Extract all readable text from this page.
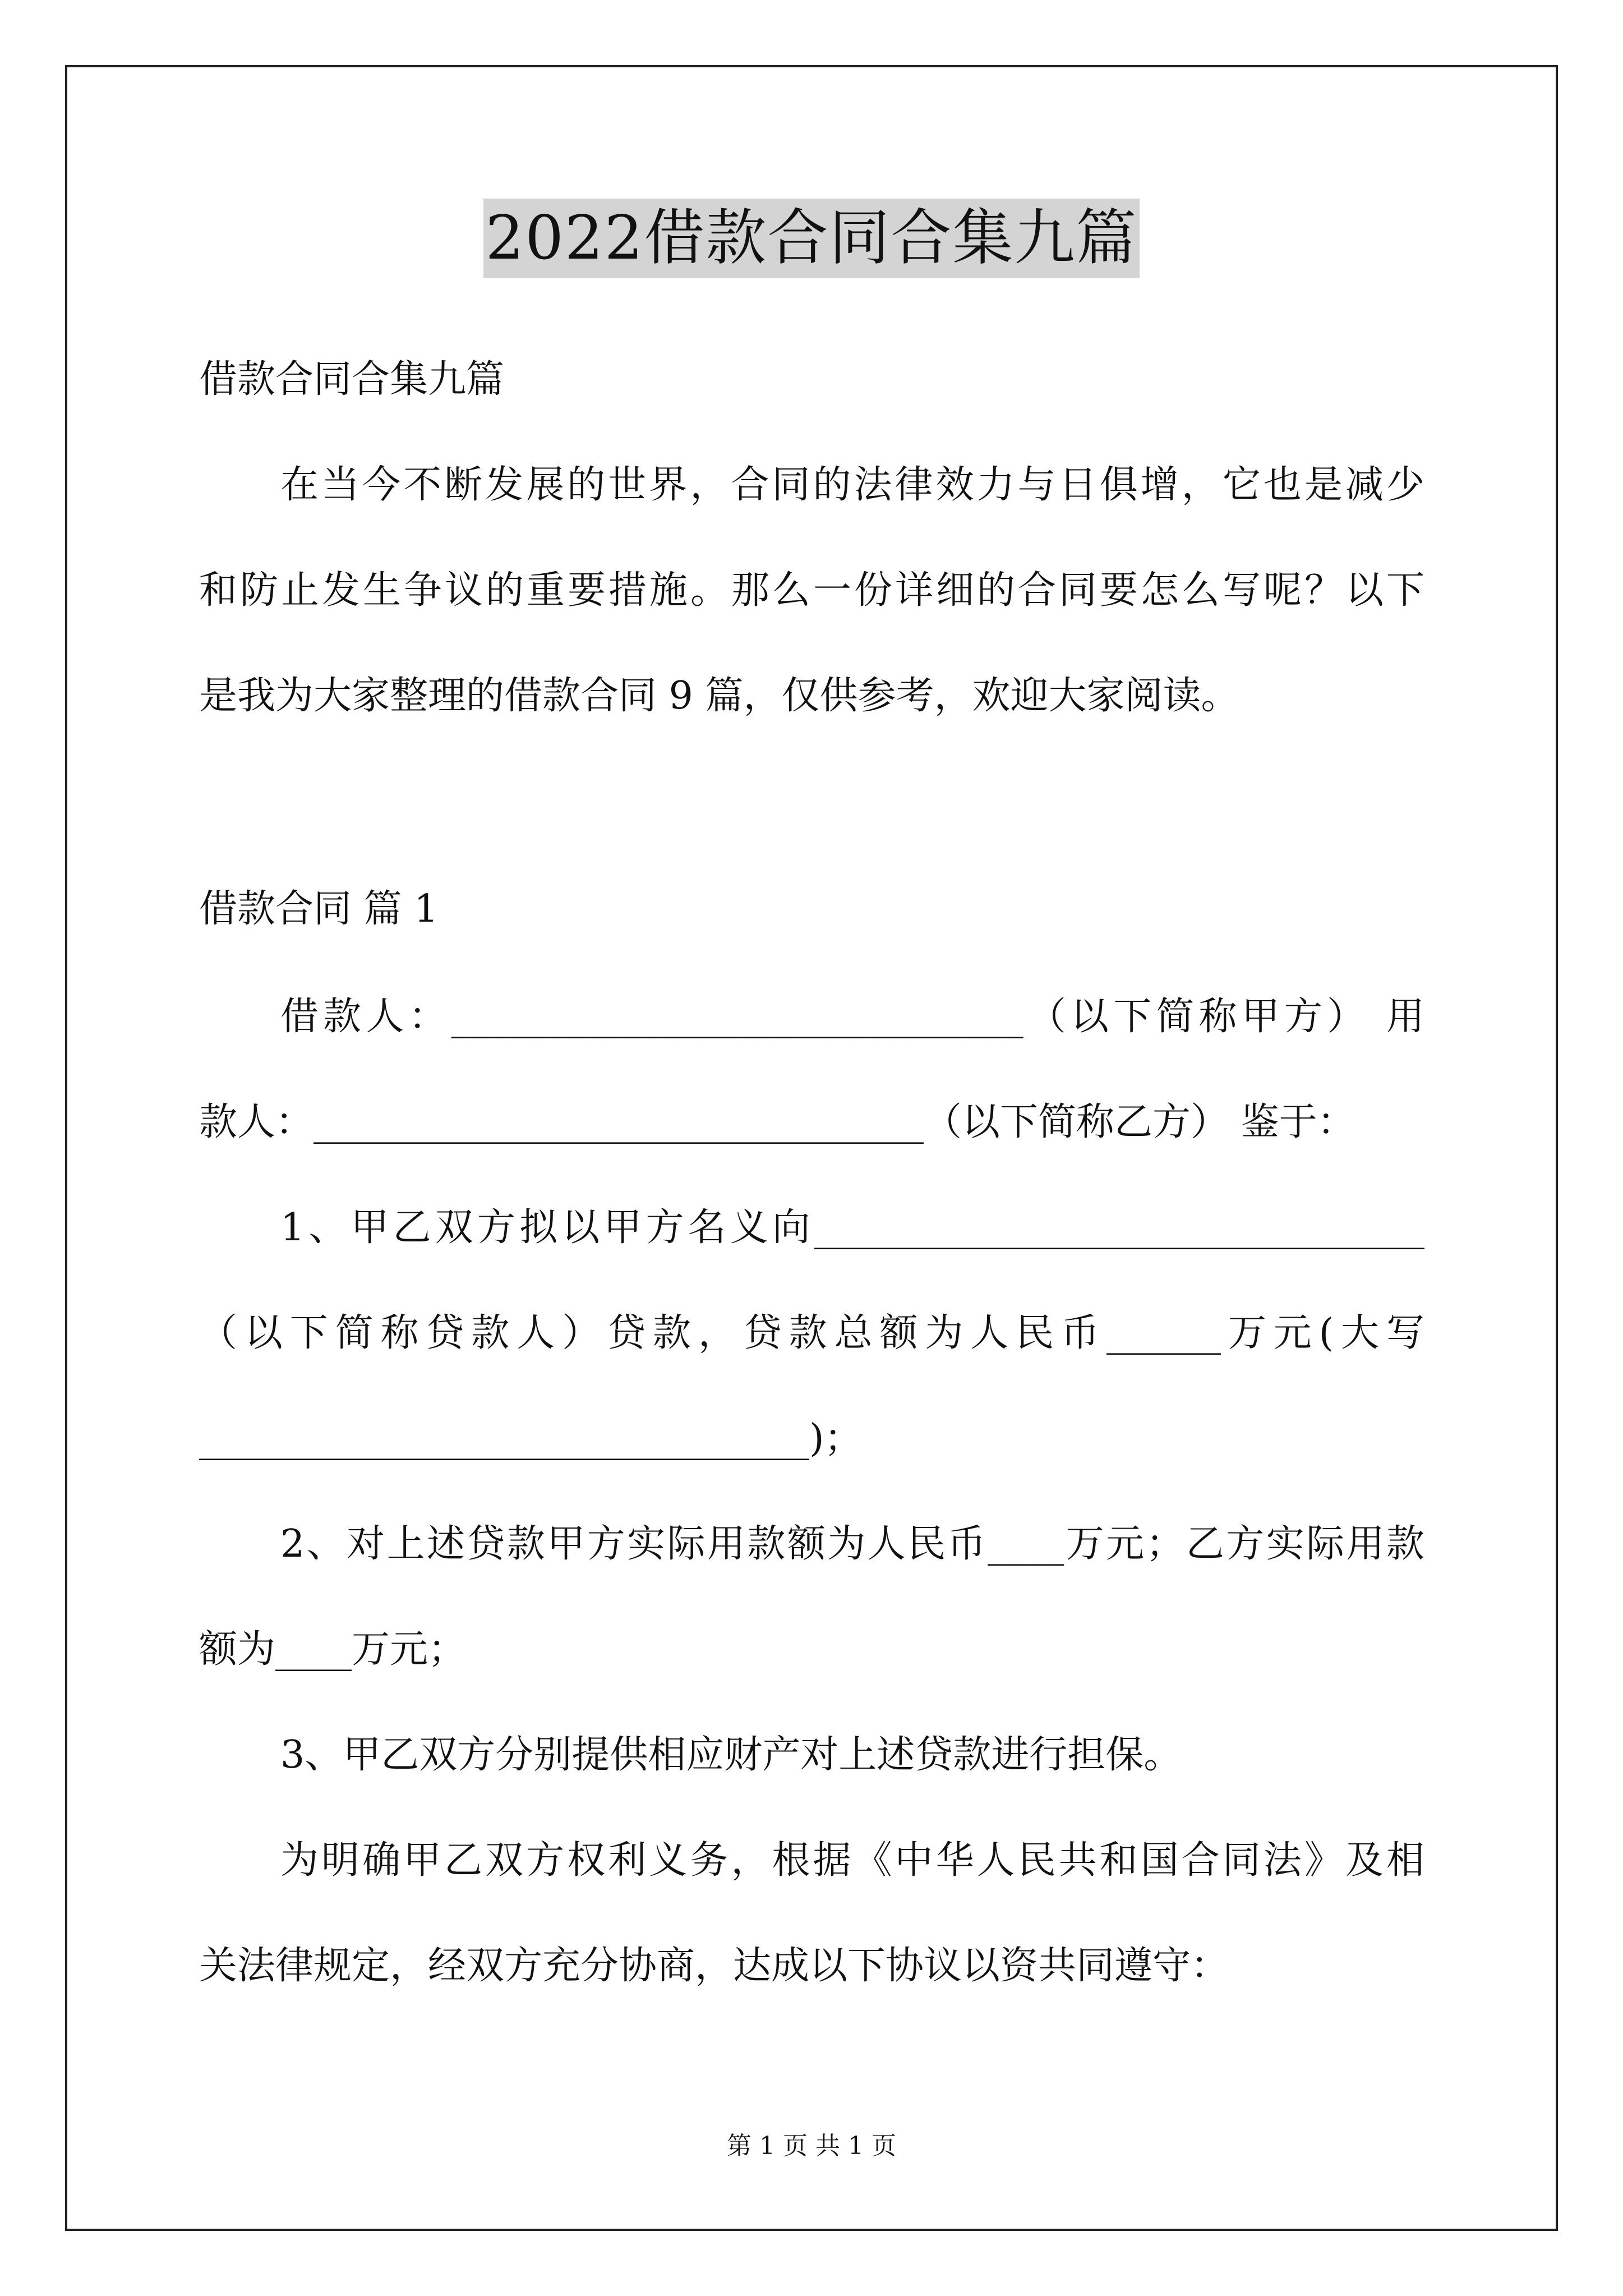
2022借款合同合集九篇
借款合同合集九篇
在当今不断发展的世界，合同的法律效力与日俱增，它也是减少
和防止发生争议的重要措施。那么一份详细的合同要怎么写呢？以下
是我为大家整理的借款合同 9 篇，仅供参考，欢迎大家阅读。
借款合同 篇 1
借款人：______________________________（以下简称甲方） 用
款人：________________________________（以下简称乙方） 鉴于：
1、甲乙双方拟以甲方名义向________________________________
（以下简称贷款人）贷款，贷款总额为人民币______万元(大写
________________________________)；
2、对上述贷款甲方实际用款额为人民币____万元；乙方实际用款
额为____万元；
3、甲乙双方分别提供相应财产对上述贷款进行担保。
为明确甲乙双方权利义务，根据《中华人民共和国合同法》及相
关法律规定，经双方充分协商，达成以下协议以资共同遵守：
第 1 页 共 1 页
